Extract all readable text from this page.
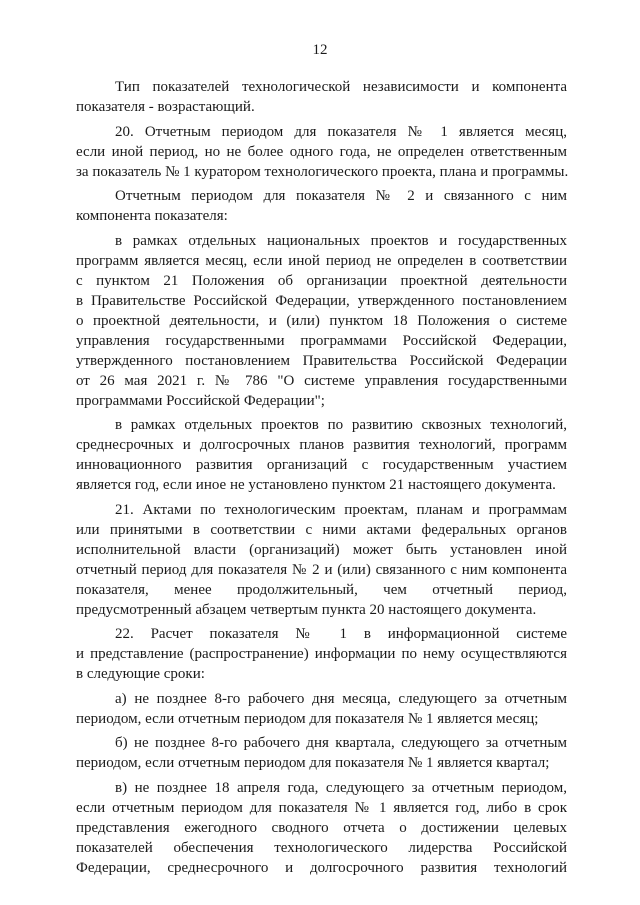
12
Тип показателей технологической независимости и компонента
показателя - возрастающий.
20. Отчетным периодом для показателя № 1 является месяц,
если иной период, но не более одного года, не определен ответственным
за показатель № 1 куратором технологического проекта, плана и программы.
Отчетным периодом для показателя № 2 и связанного с ним
компонента показателя:
в рамках отдельных национальных проектов и государственных
программ является месяц, если иной период не определен в соответствии
с пунктом 21 Положения об организации проектной деятельности
в Правительстве Российской Федерации, утвержденного постановлением
о проектной деятельности, и (или) пунктом 18 Положения о системе
управления государственными программами Российской Федерации,
утвержденного постановлением Правительства Российской Федерации
от 26 мая 2021 г. № 786 "О системе управления государственными
программами Российской Федерации";
в рамках отдельных проектов по развитию сквозных технологий,
среднесрочных и долгосрочных планов развития технологий, программ
инновационного развития организаций с государственным участием
является год, если иное не установлено пунктом 21 настоящего документа.
21. Актами по технологическим проектам, планам и программам
или принятыми в соответствии с ними актами федеральных органов
исполнительной власти (организаций) может быть установлен иной
отчетный период для показателя № 2 и (или) связанного с ним компонента
показателя, менее продолжительный, чем отчетный период,
предусмотренный абзацем четвертым пункта 20 настоящего документа.
22. Расчет показателя № 1 в информационной системе
и представление (распространение) информации по нему осуществляются
в следующие сроки:
а) не позднее 8-го рабочего дня месяца, следующего за отчетным
периодом, если отчетным периодом для показателя № 1 является месяц;
б) не позднее 8-го рабочего дня квартала, следующего за отчетным
периодом, если отчетным периодом для показателя № 1 является квартал;
в) не позднее 18 апреля года, следующего за отчетным периодом,
если отчетным периодом для показателя № 1 является год, либо в срок
представления ежегодного сводного отчета о достижении целевых
показателей обеспечения технологического лидерства Российской
Федерации, среднесрочного и долгосрочного развития технологий
